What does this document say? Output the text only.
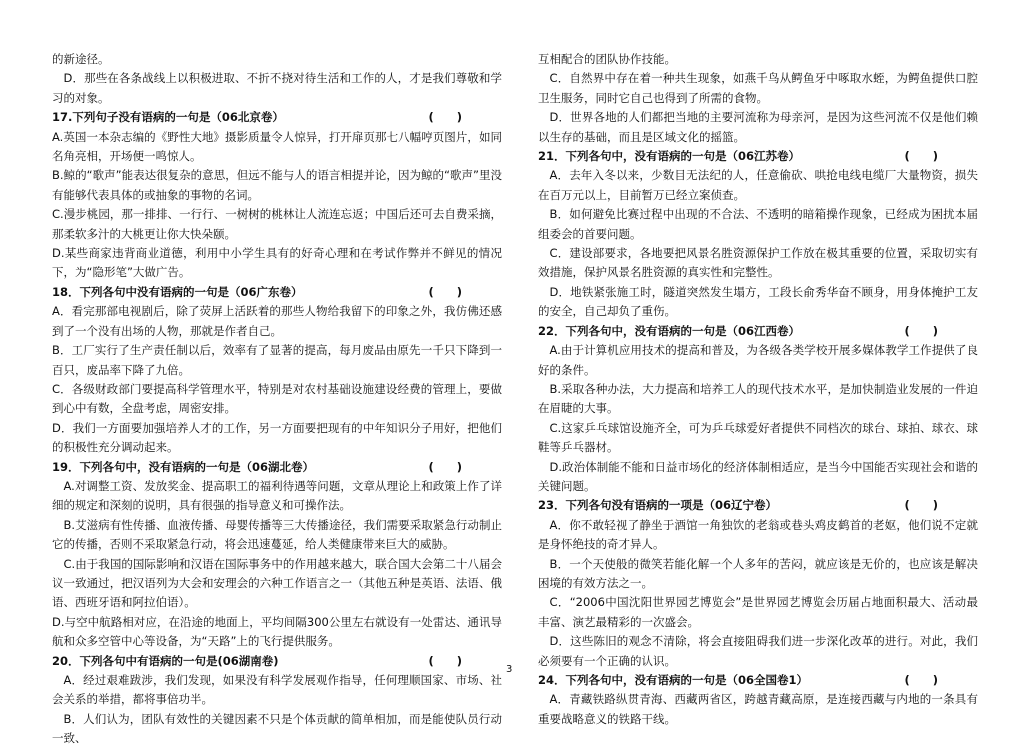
的新途径。

D．那些在各条战线上以积极进取、不折不挠对待生活和工作的人，才是我们尊敬和学习的对象。

17.下列句子没有语病的一句是（06北京卷）	(　　)

A.英国一本杂志编的《野性大地》摄影质量令人惊异，打开扉页那七八幅哼页图片，如同名角亮相，开场便一鸣惊人。

B.鲸的“歌声”能表达很复杂的意思，但远不能与人的语言相提并论，因为鲸的“歌声”里没有能够代表具体的或抽象的事物的名词。

C.漫步桃园，那一排排、一行行、一树树的桃林让人流连忘返；中国后还可去自费采摘，那柔软多汁的大桃更让你大快朵颐。

D.某些商家违背商业道德，利用中小学生具有的好奇心理和在考试作弊并不鲜见的情况下，为“隐形笔”大做广告。

18．下列各句中没有语病的一句是（06广东卷）	(　　)

A．看完那部电视剧后，除了荧屏上活跃着的那些人物给我留下的印象之外，我仿佛还感到了一个没有出场的人物，那就是作者自己。

B．工厂实行了生产责任制以后，效率有了显著的提高，每月废品由原先一千只下降到一百只，废品率下降了九倍。

C．各级财政部门要提高科学管理水平，特别是对农村基础设施建设经费的管理上，要做到心中有数，全盘考虑，周密安排。

D．我们一方面要加强培养人才的工作，另一方面要把现有的中年知识分子用好，把他们的积极性充分调动起来。

19．下列各句中，没有语病的一句是（06湖北卷）	(　　)

A.对调整工资、发放奖金、提高职工的福利待遇等问题，文章从理论上和政策上作了详细的规定和深刻的说明，具有很强的指导意义和可操作法。

B.艾滋病有性传播、血液传播、母婴传播等三大传播途径，我们需要采取紧急行动制止它的传播，否则不采取紧急行动，将会迅速蔓延，给人类健康带来巨大的威胁。

C.由于我国的国际影响和汉语在国际事务中的作用越来越大，联合国大会第二十八届会议一致通过，把汉语列为大会和安理会的六种工作语言之一（其他五种是英语、法语、俄语、西班牙语和阿拉伯语）。

D.与空中航路相对应，在沿途的地面上，平均间隔300公里左右就设有一处雷达、通讯导航和众多空管中心等设备，为“天路”上的飞行提供服务。

20．下列各句中有语病的一句是(06湖南卷)	(　　)

A．经过艰难跋涉，我们发现，如果没有科学发展观作指导，任何理顺国家、市场、社会关系的举措，都将事倍功半。

B．人们认为，团队有效性的关键因素不只是个体贡献的简单相加，而是能使队员行动一致、

互相配合的团队协作技能。

C．自然界中存在着一种共生现象，如燕千鸟从鳄鱼牙中啄取水蛭，为鳄鱼提供口腔卫生服务，同时它自己也得到了所需的食物。

D．世界各地的人们都把当地的主要河流称为母亲河，是因为这些河流不仅是他们赖以生存的基础，而且是区域文化的摇篮。

21．下列各句中，没有语病的一句是（06江苏卷）	(　　)

A．去年入冬以来，少数目无法纪的人，任意偷砍、哄抢电线电缆厂大量物资，损失在百万元以上，目前暂万已经立案侦查。

B．如何避免比赛过程中出现的不合法、不透明的暗箱操作现象，已经成为困扰本届组委会的首要问题。

C．建设部要求，各地要把风景名胜资源保护工作放在极其重要的位置，采取切实有效措施，保护风景名胜资源的真实性和完整性。

D．地铁紧张施工时，隧道突然发生塌方，工段长俞秀华奋不顾身，用身体掩护工友的安全，自己却负了重伤。

22．下列各句中，没有语病的一句是（06江西卷）	(　　)

A.由于计算机应用技术的提高和普及，为各级各类学校开展多媒体教学工作提供了良好的条件。

B.采取各种办法，大力提高和培养工人的现代技术水平，是加快制造业发展的一件迫在眉睫的大事。

C.这家乒乓球馆设施齐全，可为乒乓球爱好者提供不同档次的球台、球拍、球衣、球鞋等乒乓器材。

D.政治体制能不能和日益市场化的经济体制相适应，是当今中国能否实现社会和谐的关键问题。

23．下列各句没有语病的一项是（06辽宁卷）	(　　)

A．你不敢轻视了静坐于酒馆一角独饮的老翁或巷头鸡皮鹤首的老妪，他们说不定就是身怀绝技的奇才异人。

B．一个天使般的微笑若能化解一个人多年的苦闷，就应该是无价的，也应该是解决困境的有效方法之一。

C．“2006中国沈阳世界园艺博览会”是世界园艺博览会历届占地面积最大、活动最丰富、演艺最精彩的一次盛会。

D．这些陈旧的观念不清除，将会直接阻碍我们进一步深化改革的进行。对此，我们必须要有一个正确的认识。

24．下列各句中，没有语病的一句是（06全国卷1）	(　　)

A．青藏铁路纵贯青海、西藏两省区，跨越青藏高原，是连接西藏与内地的一条具有重要战略意义的铁路干线。

3
